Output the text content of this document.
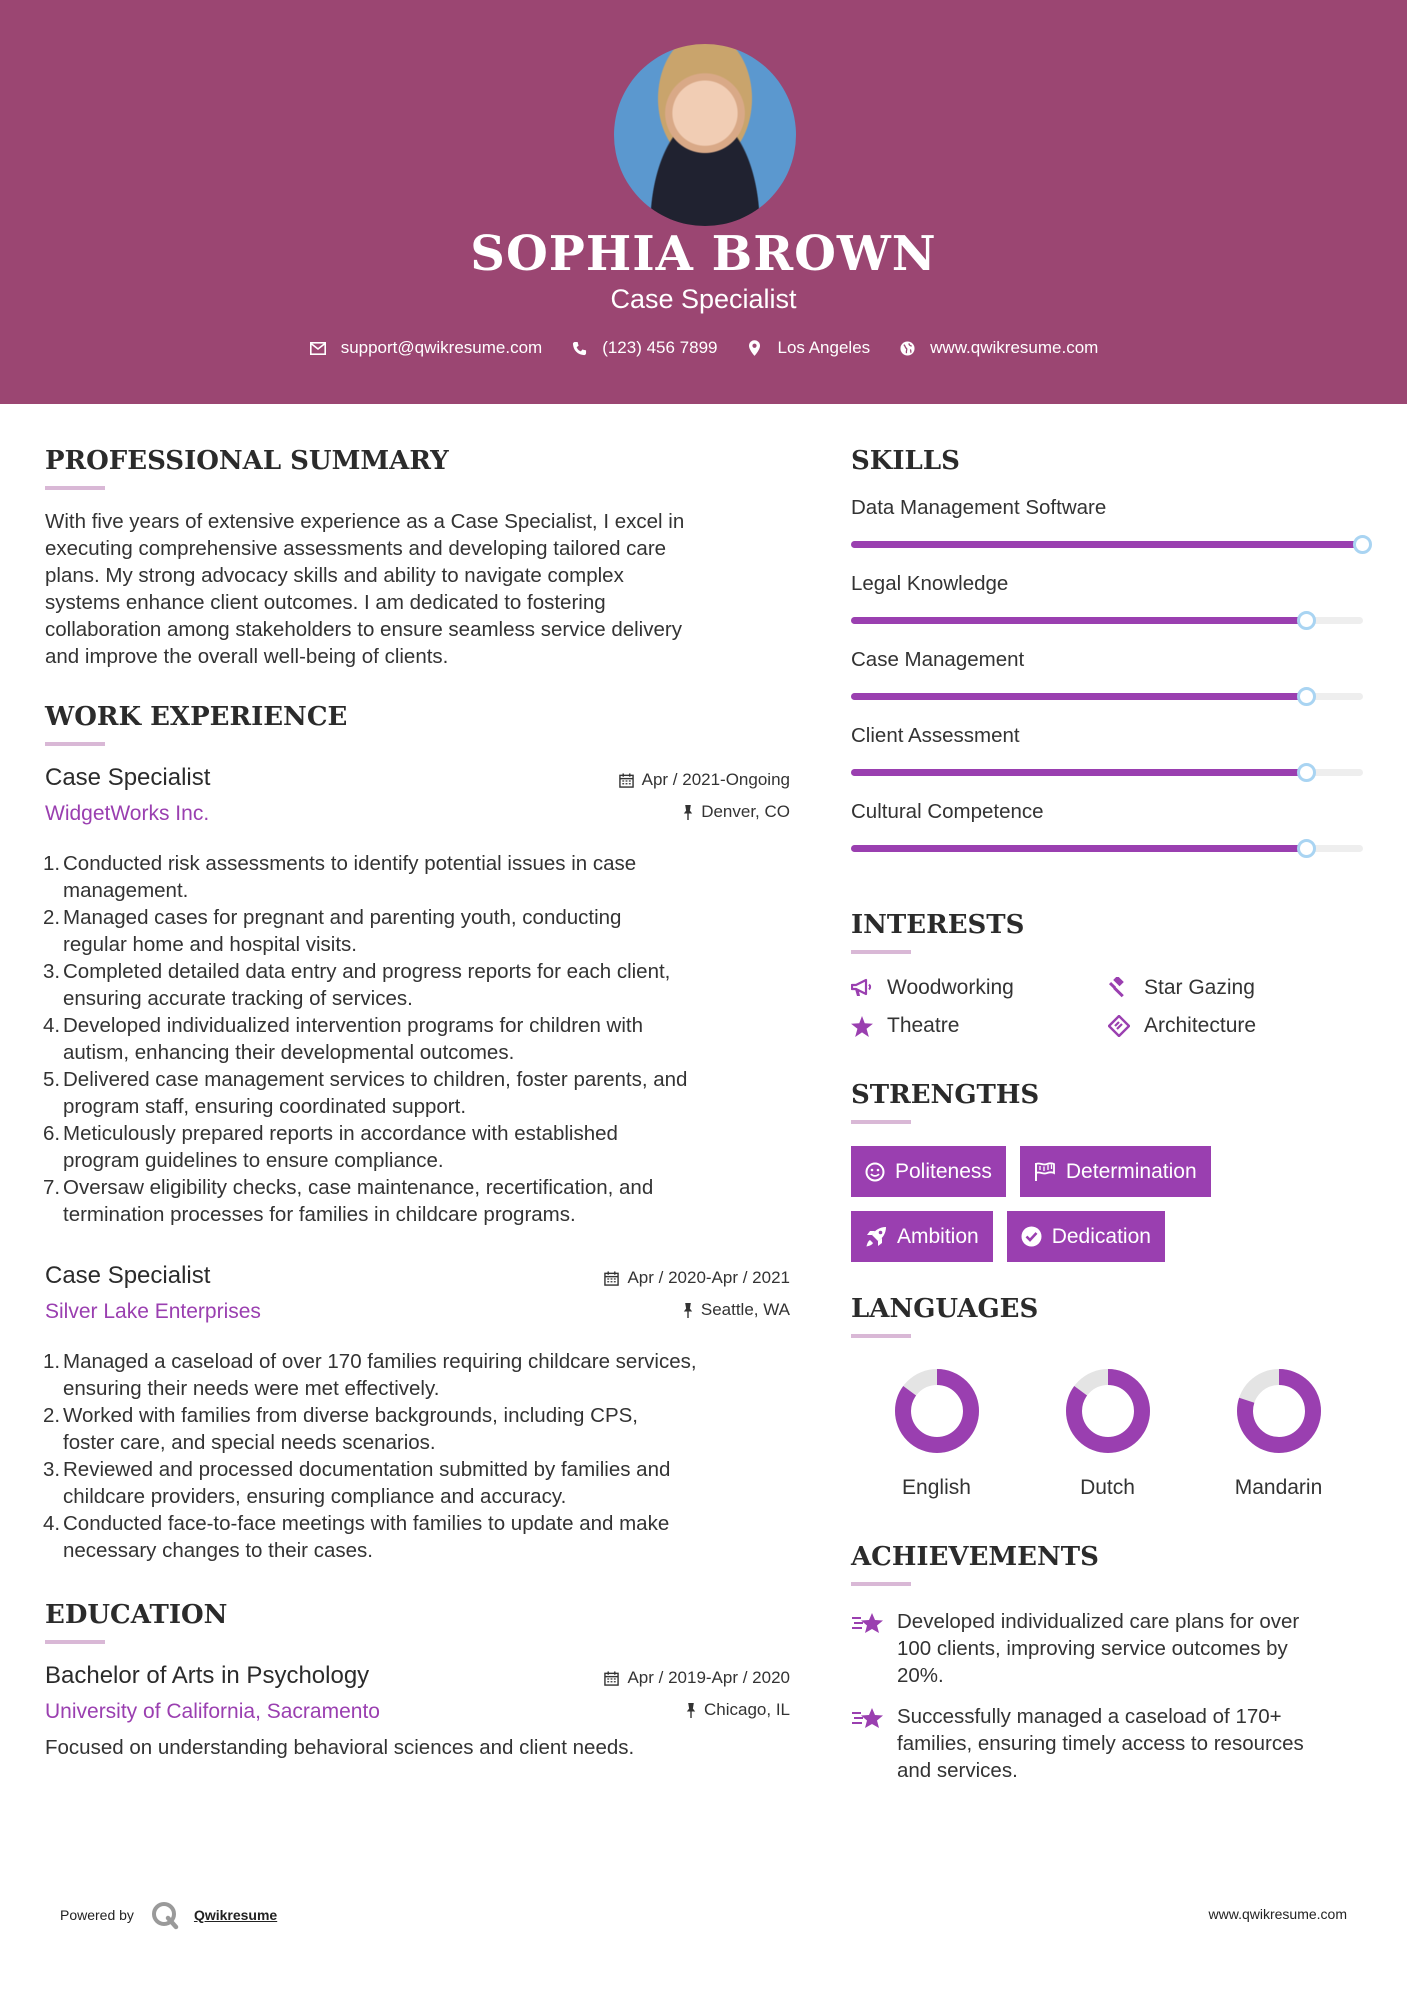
SOPHIA BROWN
Case Specialist
support@qwikresume.com	(123) 456 7899	Los Angeles	www.qwikresume.com
PROFESSIONAL SUMMARY
With five years of extensive experience as a Case Specialist, I excel in
executing comprehensive assessments and developing tailored care
plans. My strong advocacy skills and ability to navigate complex
systems enhance client outcomes. I am dedicated to fostering
collaboration among stakeholders to ensure seamless service delivery
and improve the overall well-being of clients.
WORK EXPERIENCE
Case Specialist
WidgetWorks Inc.
Apr / 2021-Ongoing
Denver, CO
Conducted risk assessments to identify potential issues in case
management.
Managed cases for pregnant and parenting youth, conducting
regular home and hospital visits.
Completed detailed data entry and progress reports for each client,
ensuring accurate tracking of services.
Developed individualized intervention programs for children with
autism, enhancing their developmental outcomes.
Delivered case management services to children, foster parents, and
program staff, ensuring coordinated support.
Meticulously prepared reports in accordance with established
program guidelines to ensure compliance.
Oversaw eligibility checks, case maintenance, recertification, and
termination processes for families in childcare programs.
Case Specialist
Silver Lake Enterprises
Apr / 2020-Apr / 2021
Seattle, WA
Managed a caseload of over 170 families requiring childcare services,
ensuring their needs were met effectively.
Worked with families from diverse backgrounds, including CPS,
foster care, and special needs scenarios.
Reviewed and processed documentation submitted by families and
childcare providers, ensuring compliance and accuracy.
Conducted face-to-face meetings with families to update and make
necessary changes to their cases.
EDUCATION
Bachelor of Arts in Psychology
University of California, Sacramento
Apr / 2019-Apr / 2020
Chicago, IL
Focused on understanding behavioral sciences and client needs.
SKILLS
Data Management Software
Legal Knowledge
Case Management
Client Assessment
Cultural Competence
INTERESTS
Woodworking	Star Gazing
Theatre	Architecture
STRENGTHS
Politeness	Determination
Ambition	Dedication
LANGUAGES
English	Dutch	Mandarin
ACHIEVEMENTS
Developed individualized care plans for over
100 clients, improving service outcomes by
20%.
Successfully managed a caseload of 170+
families, ensuring timely access to resources
and services.
Powered by	Qwikresume	www.qwikresume.com
